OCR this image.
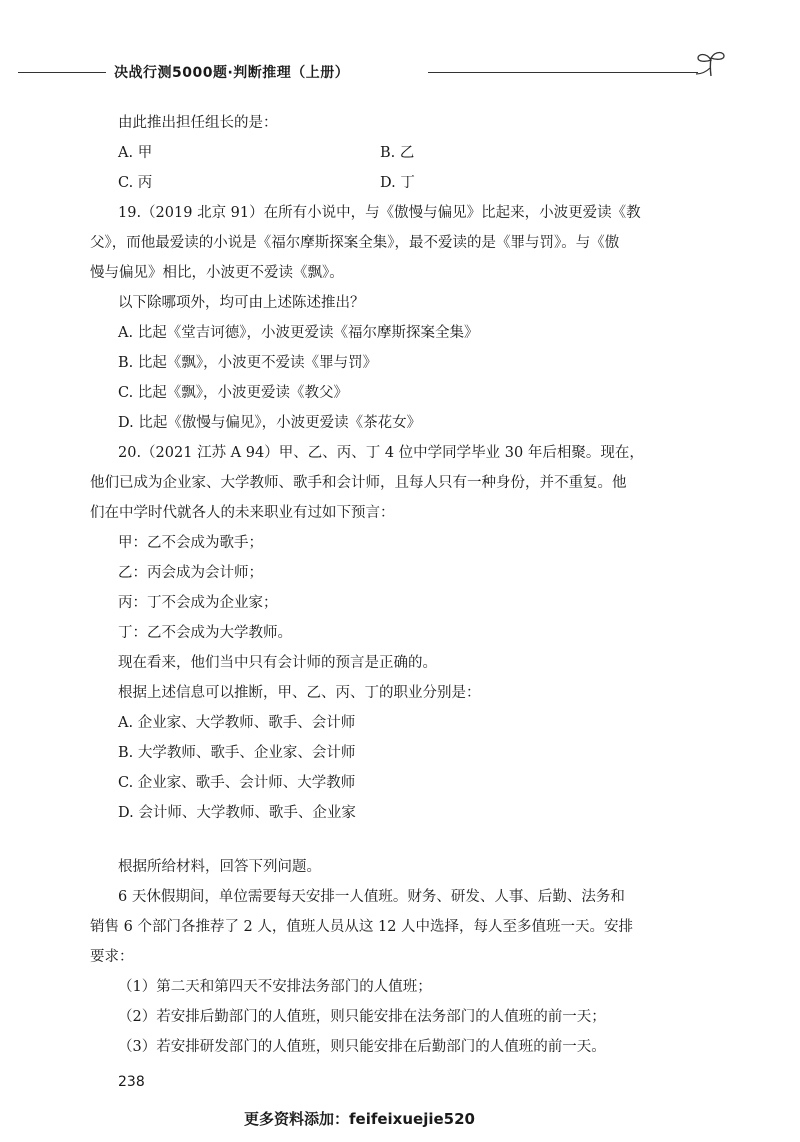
决战行测5000题·判断推理（上册）

由此推出担任组长的是：

A. 甲	B. 乙
C. 丙	D. 丁

19.（2019 北京 91）在所有小说中，与《傲慢与偏见》比起来，小波更爱读《教

父》，而他最爱读的小说是《福尔摩斯探案全集》，最不爱读的是《罪与罚》。与《傲

慢与偏见》相比，小波更不爱读《飘》。

以下除哪项外，均可由上述陈述推出？

A. 比起《堂吉诃德》，小波更爱读《福尔摩斯探案全集》

B. 比起《飘》，小波更不爱读《罪与罚》

C. 比起《飘》，小波更爱读《教父》

D. 比起《傲慢与偏见》，小波更爱读《茶花女》

20.（2021 江苏 A 94）甲、乙、丙、丁 4 位中学同学毕业 30 年后相聚。现在，

他们已成为企业家、大学教师、歌手和会计师，且每人只有一种身份，并不重复。他

们在中学时代就各人的未来职业有过如下预言：

甲：乙不会成为歌手；

乙：丙会成为会计师；

丙：丁不会成为企业家；

丁：乙不会成为大学教师。

现在看来，他们当中只有会计师的预言是正确的。

根据上述信息可以推断，甲、乙、丙、丁的职业分别是：

A. 企业家、大学教师、歌手、会计师

B. 大学教师、歌手、企业家、会计师

C. 企业家、歌手、会计师、大学教师

D. 会计师、大学教师、歌手、企业家

根据所给材料，回答下列问题。

6 天休假期间，单位需要每天安排一人值班。财务、研发、人事、后勤、法务和

销售 6 个部门各推荐了 2 人，值班人员从这 12 人中选择，每人至多值班一天。安排

要求：

（1）第二天和第四天不安排法务部门的人值班；

（2）若安排后勤部门的人值班，则只能安排在法务部门的人值班的前一天；

（3）若安排研发部门的人值班，则只能安排在后勤部门的人值班的前一天。

238
更多资料添加：feifeixuejie520
